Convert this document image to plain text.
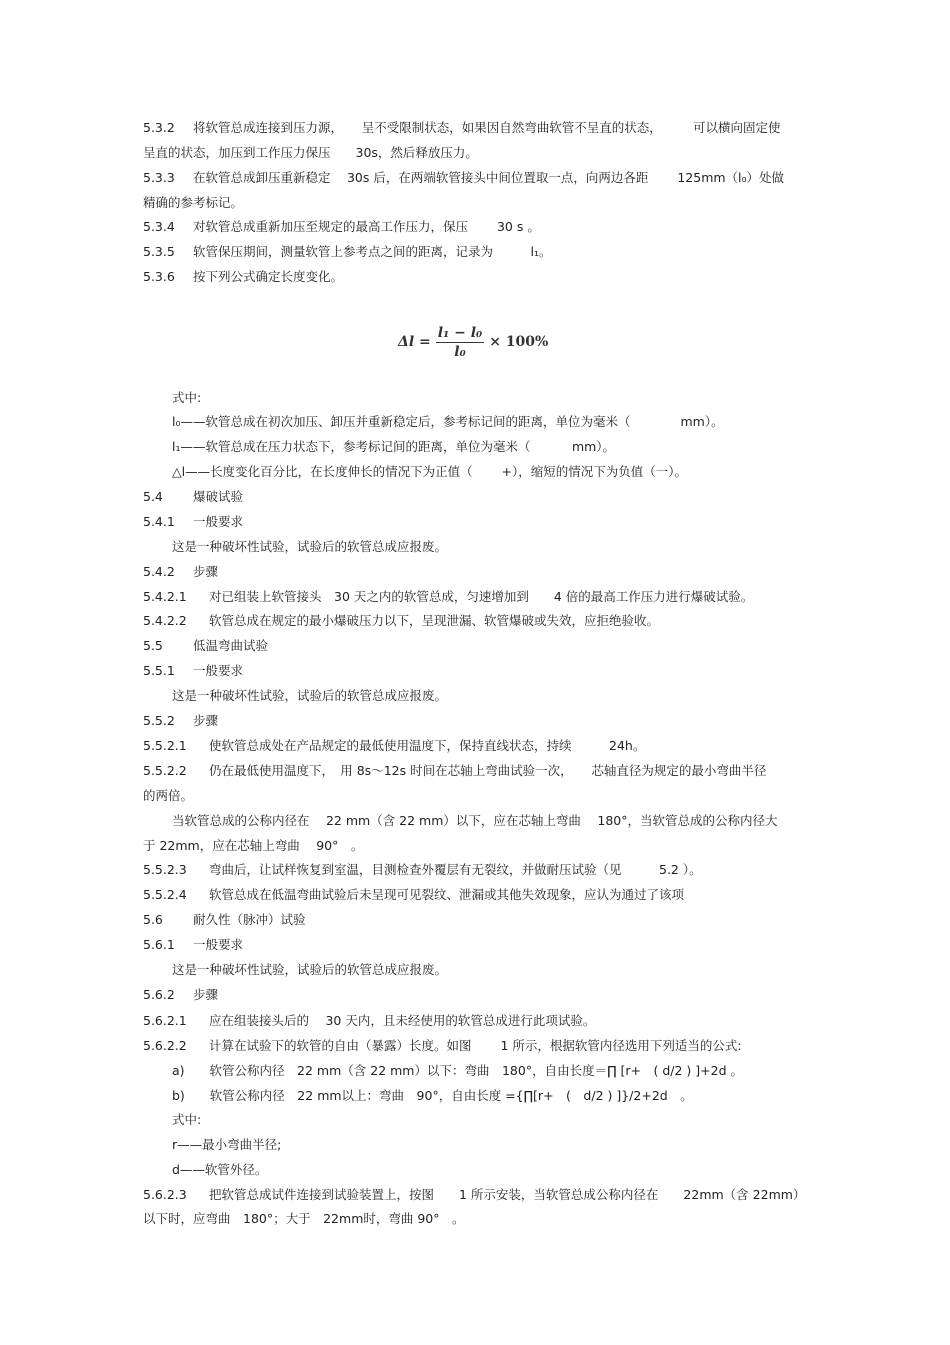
5.3.2 将软管总成连接到压力源，　　呈不受限制状态，如果因自然弯曲软管不呈直的状态，　　　可以横向固定使
呈直的状态，加压到工作压力保压　　30s，然后释放压力。
5.3.3 在软管总成卸压重新稳定　 30s 后，在两端软管接头中间位置取一点，向两边各距　　 125mm（l₀）处做
精确的参考标记。
5.3.4 对软管总成重新加压至规定的最高工作压力，保压　　 30 s 。
5.3.5 软管保压期间，测量软管上参考点之间的距离，记录为　　　l₁。
5.3.6 按下列公式确定长度变化。
$\Delta l = \frac{\text{l₁ − l₀}}{\text{l₀}} \times 100\%$
式中:
l₀——软管总成在初次加压、卸压并重新稳定后，参考标记间的距离，单位为毫米（　　　　mm）。
l₁——软管总成在压力状态下，参考标记间的距离，单位为毫米（　　　 mm）。
△l——长度变化百分比，在长度伸长的情况下为正值（　　 +），缩短的情况下为负值（一）。
5.4 爆破试验
5.4.1 一般要求
这是一种破坏性试验，试验后的软管总成应报废。
5.4.2 步骤
5.4.2.1 对已组装上软管接头　30 天之内的软管总成，匀速增加到　　4 倍的最高工作压力进行爆破试验。
5.4.2.2 软管总成在规定的最小爆破压力以下，呈现泄漏、软管爆破或失效，应拒绝验收。
5.5 低温弯曲试验
5.5.1 一般要求
这是一种破坏性试验，试验后的软管总成应报废。
5.5.2 步骤
5.5.2.1 使软管总成处在产品规定的最低使用温度下，保持直线状态，持续　　　24h。
5.5.2.2 仍在最低使用温度下，　用 8s～12s 时间在芯轴上弯曲试验一次，　　芯轴直径为规定的最小弯曲半径
的两倍。
当软管总成的公称内径在　 22 mm（含 22 mm）以下，应在芯轴上弯曲　 180°，当软管总成的公称内径大
于 22mm，应在芯轴上弯曲　 90°　。
5.5.2.3 弯曲后，让试样恢复到室温，目测检查外覆层有无裂纹，并做耐压试验（见　　　5.2 ）。
5.5.2.4 软管总成在低温弯曲试验后未呈现可见裂纹、泄漏或其他失效现象，应认为通过了该项
5.6 耐久性（脉冲）试验
5.6.1 一般要求
这是一种破坏性试验，试验后的软管总成应报废。
5.6.2 步骤
5.6.2.1 应在组装接头后的　 30 天内，且未经使用的软管总成进行此项试验。
5.6.2.2 计算在试验下的软管的自由（暴露）长度。如图　　 1 所示，根据软管内径选用下列适当的公式:
a)　　软管公称内径　22 mm（含 22 mm）以下：弯曲　180°，自由长度＝∏ [r+　( d/2 ) ]+2d 。
b)　　软管公称内径　22 mm以上：弯曲　90°，自由长度 ={∏[r+　(　d/2 ) ]}/2+2d　。
式中:
r——最小弯曲半径;
d——软管外径。
5.6.2.3 把软管总成试件连接到试验装置上，按图　　1 所示安装，当软管总成公称内径在　　22mm（含 22mm）
以下时，应弯曲　180°；大于　22mm时，弯曲 90°　。
